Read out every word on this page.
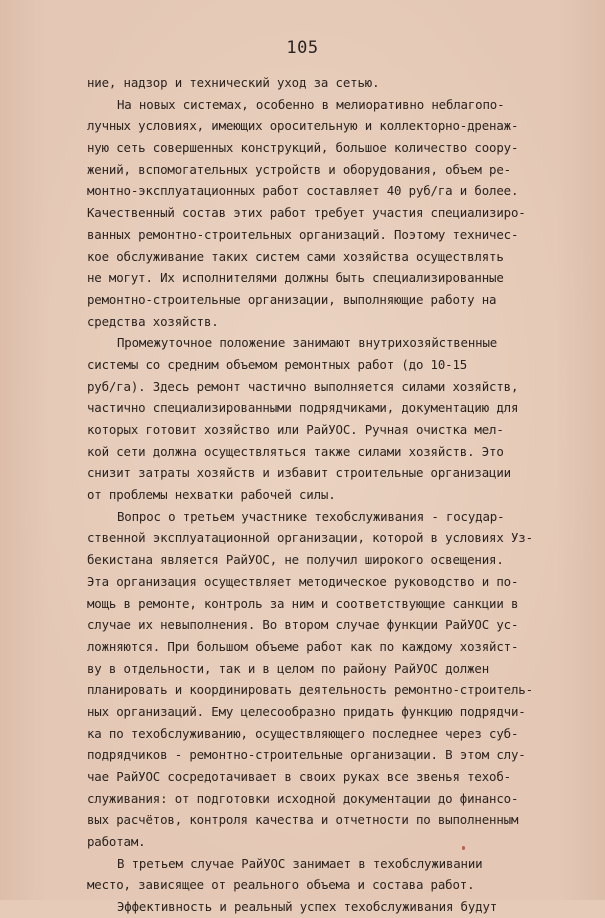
105
ние, надзор и технический уход за сетью.
На новых системах, особенно в мелиоративно неблагопо-
лучных условиях, имеющих оросительную и коллекторно-дренаж-
ную сеть совершенных конструкций, большое количество соору-
жений, вспомогательных устройств и оборудования, объем ре-
монтно-эксплуатационных работ составляет 40 руб/га и более.
Качественный состав этих работ требует участия специализиро-
ванных ремонтно-строительных организаций. Поэтому техничес-
кое обслуживание таких систем сами хозяйства осуществлять
не могут. Их исполнителями должны быть специализированные
ремонтно-строительные организации, выполняющие работу на
средства хозяйств.
Промежуточное положение занимают внутрихозяйственные
системы со средним объемом ремонтных работ (до 10-15
руб/га). Здесь ремонт частично выполняется силами хозяйств,
частично специализированными подрядчиками, документацию для
которых готовит хозяйство или РайУОС. Ручная очистка мел-
кой сети должна осуществляться также силами хозяйств. Это
снизит затраты хозяйств и избавит строительные организации
от проблемы нехватки рабочей силы.
Вопрос о третьем участнике техобслуживания - государ-
ственной эксплуатационной организации, которой в условиях Уз-
бекистана является РайУОС, не получил широкого освещения.
Эта организация осуществляет методическое руководство и по-
мощь в ремонте, контроль за ним и соответствующие санкции в
случае их невыполнения. Во втором случае функции РайУОС ус-
ложняются. При большом объеме работ как по каждому хозяйст-
ву в отдельности, так и в целом по району РайУОС должен
планировать и координировать деятельность ремонтно-строитель-
ных организаций. Ему целесообразно придать функцию подрядчи-
ка по техобслуживанию, осуществляющего последнее через суб-
подрядчиков - ремонтно-строительные организации. В этом слу-
чае РайУОС сосредотачивает в своих руках все звенья техоб-
служивания: от подготовки исходной документации до финансо-
вых расчётов, контроля качества и отчетности по выполненным
работам.
В третьем случае РайУОС занимает в техобслуживании
место, зависящее от реального объема и состава работ.
Эффективность и реальный успех техобслуживания будут
